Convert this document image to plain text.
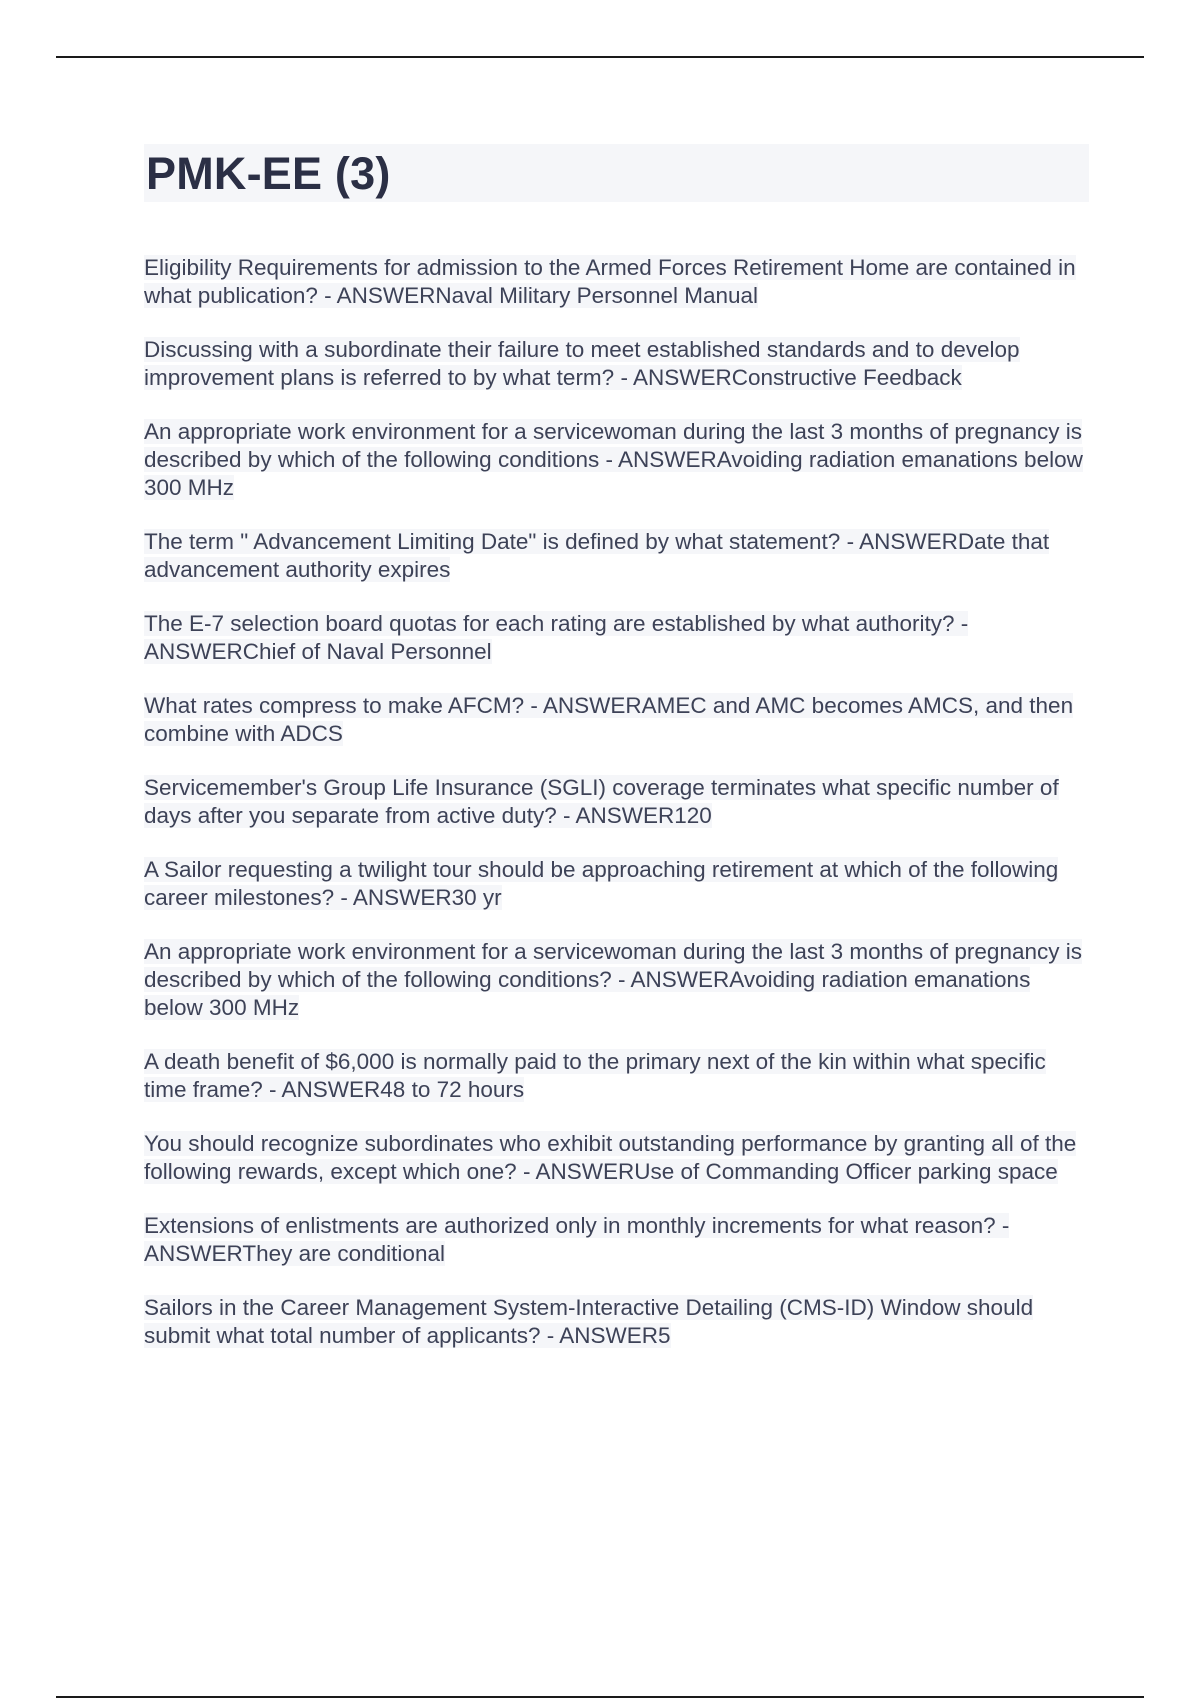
PMK-EE (3)
Eligibility Requirements for admission to the Armed Forces Retirement Home are contained in what publication? - ANSWERNaval Military Personnel Manual
Discussing with a subordinate their failure to meet established standards and to develop improvement plans is referred to by what term? - ANSWERConstructive Feedback
An appropriate work environment for a servicewoman during the last 3 months of pregnancy is described by which of the following conditions - ANSWERAvoiding radiation emanations below 300 MHz
The term " Advancement Limiting Date" is defined by what statement? - ANSWERDate that advancement authority expires
The E-7 selection board quotas for each rating are established by what authority? - ANSWERChief of Naval Personnel
What rates compress to make AFCM? - ANSWERAMEC and AMC becomes AMCS, and then combine with ADCS
Servicemember's Group Life Insurance (SGLI) coverage terminates what specific number of days after you separate from active duty? - ANSWER120
A Sailor requesting a twilight tour should be approaching retirement at which of the following career milestones? - ANSWER30 yr
An appropriate work environment for a servicewoman during the last 3 months of pregnancy is described by which of the following conditions? - ANSWERAvoiding radiation emanations below 300 MHz
A death benefit of $6,000 is normally paid to the primary next of the kin within what specific time frame? - ANSWER48 to 72 hours
You should recognize subordinates who exhibit outstanding performance by granting all of the following rewards, except which one? - ANSWERUse of Commanding Officer parking space
Extensions of enlistments are authorized only in monthly increments for what reason? - ANSWERThey are conditional
Sailors in the Career Management System-Interactive Detailing (CMS-ID) Window should submit what total number of applicants? - ANSWER5
